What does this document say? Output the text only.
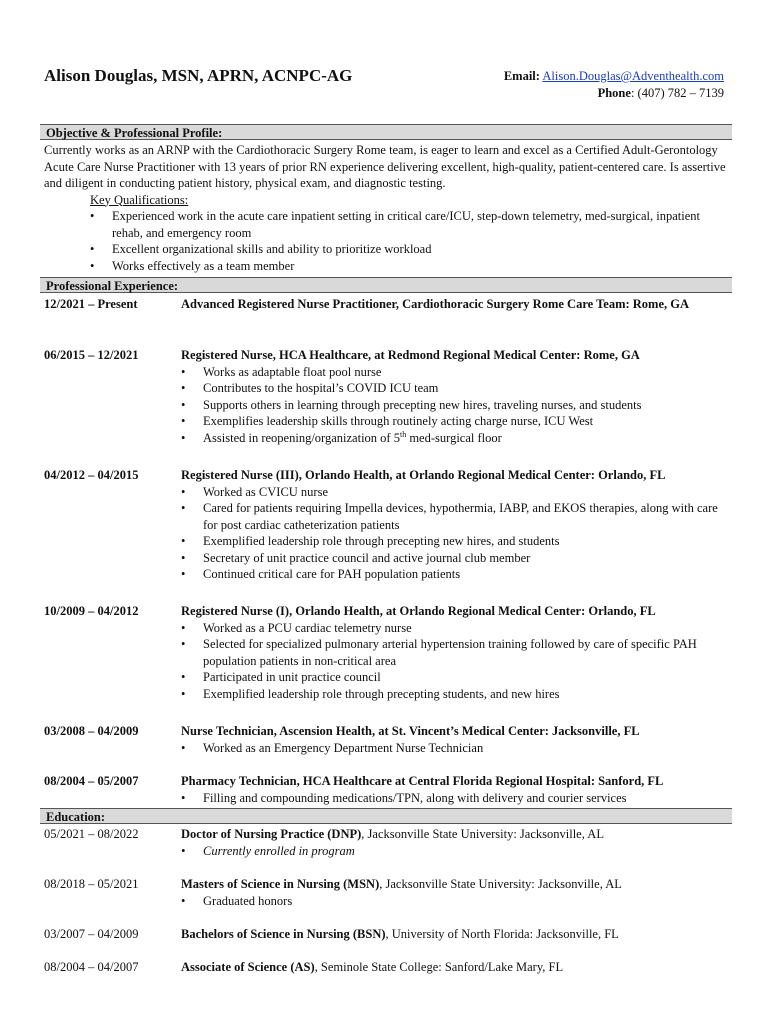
Alison Douglas, MSN, APRN, ACNPC-AG	Email: Alison.Douglas@Adventhealth.com
Phone: (407) 782 – 7139
Objective & Professional Profile:
Currently works as an ARNP with the Cardiothoracic Surgery Rome team, is eager to learn and excel as a Certified Adult-Gerontology Acute Care Nurse Practitioner with 13 years of prior RN experience delivering excellent, high-quality, patient-centered care. Is assertive and diligent in conducting patient history, physical exam, and diagnostic testing.
Key Qualifications:
• Experienced work in the acute care inpatient setting in critical care/ICU, step-down telemetry, med-surgical, inpatient rehab, and emergency room
• Excellent organizational skills and ability to prioritize workload
• Works effectively as a team member
Professional Experience:
12/2021 – Present	Advanced Registered Nurse Practitioner, Cardiothoracic Surgery Rome Care Team: Rome, GA
06/2015 – 12/2021	Registered Nurse, HCA Healthcare, at Redmond Regional Medical Center: Rome, GA
• Works as adaptable float pool nurse
• Contributes to the hospital’s COVID ICU team
• Supports others in learning through precepting new hires, traveling nurses, and students
• Exemplifies leadership skills through routinely acting charge nurse, ICU West
• Assisted in reopening/organization of 5th med-surgical floor
04/2012 – 04/2015	Registered Nurse (III), Orlando Health, at Orlando Regional Medical Center: Orlando, FL
• Worked as CVICU nurse
• Cared for patients requiring Impella devices, hypothermia, IABP, and EKOS therapies, along with care for post cardiac catheterization patients
• Exemplified leadership role through precepting new hires, and students
• Secretary of unit practice council and active journal club member
• Continued critical care for PAH population patients
10/2009 – 04/2012	Registered Nurse (I), Orlando Health, at Orlando Regional Medical Center: Orlando, FL
• Worked as a PCU cardiac telemetry nurse
• Selected for specialized pulmonary arterial hypertension training followed by care of specific PAH population patients in non-critical area
• Participated in unit practice council
• Exemplified leadership role through precepting students, and new hires
03/2008 – 04/2009	Nurse Technician, Ascension Health, at St. Vincent’s Medical Center: Jacksonville, FL
• Worked as an Emergency Department Nurse Technician
08/2004 – 05/2007	Pharmacy Technician, HCA Healthcare at Central Florida Regional Hospital: Sanford, FL
• Filling and compounding medications/TPN, along with delivery and courier services
Education:
05/2021 – 08/2022	Doctor of Nursing Practice (DNP), Jacksonville State University: Jacksonville, AL
• Currently enrolled in program
08/2018 – 05/2021	Masters of Science in Nursing (MSN), Jacksonville State University: Jacksonville, AL
• Graduated honors
03/2007 – 04/2009	Bachelors of Science in Nursing (BSN), University of North Florida: Jacksonville, FL
08/2004 – 04/2007	Associate of Science (AS), Seminole State College: Sanford/Lake Mary, FL
